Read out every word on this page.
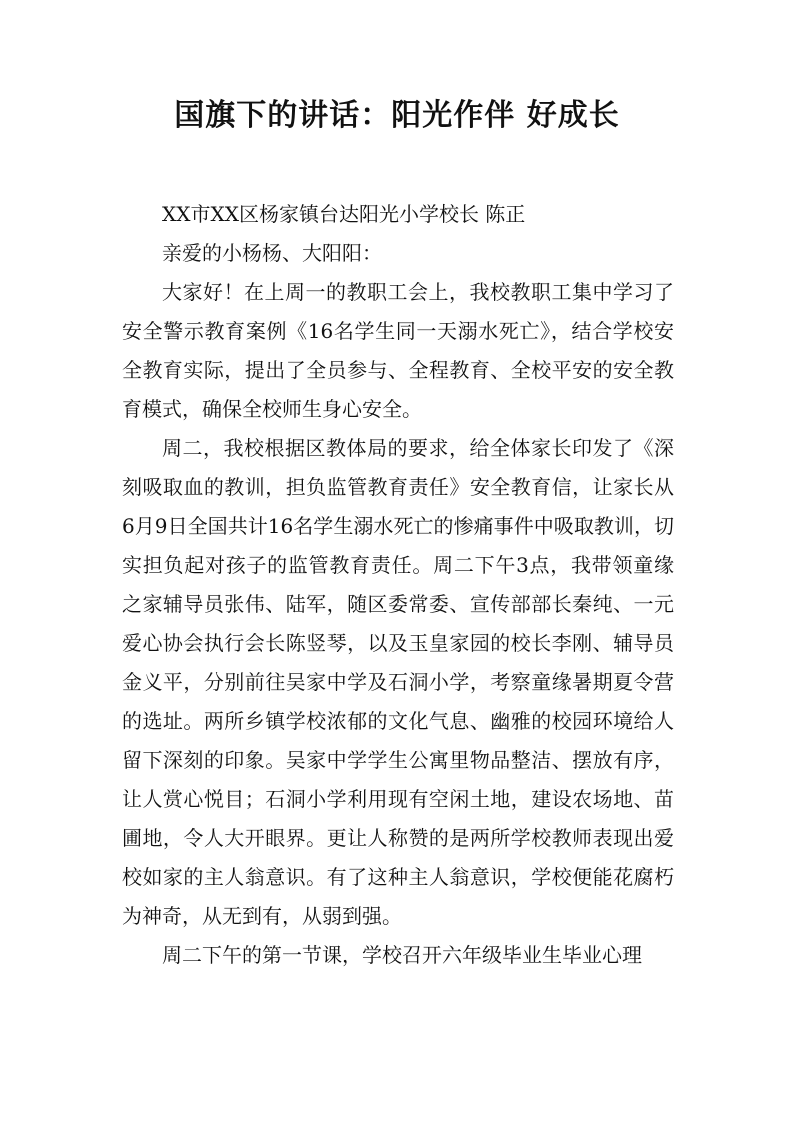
国旗下的讲话：阳光作伴 好成长

XX市XX区杨家镇台达阳光小学校长 陈正

亲爱的小杨杨、大阳阳：

大家好！在上周一的教职工会上，我校教职工集中学习了安全警示教育案例《16名学生同一天溺水死亡》，结合学校安全教育实际，提出了全员参与、全程教育、全校平安的安全教育模式，确保全校师生身心安全。

周二，我校根据区教体局的要求，给全体家长印发了《深刻吸取血的教训，担负监管教育责任》安全教育信，让家长从6月9日全国共计16名学生溺水死亡的惨痛事件中吸取教训，切实担负起对孩子的监管教育责任。周二下午3点，我带领童缘之家辅导员张伟、陆军，随区委常委、宣传部部长秦纯、一元爱心协会执行会长陈竖琴，以及玉皇家园的校长李刚、辅导员金义平，分别前往吴家中学及石洞小学，考察童缘暑期夏令营的选址。两所乡镇学校浓郁的文化气息、幽雅的校园环境给人留下深刻的印象。吴家中学学生公寓里物品整洁、摆放有序，让人赏心悦目；石洞小学利用现有空闲土地，建设农场地、苗圃地，令人大开眼界。更让人称赞的是两所学校教师表现出爱校如家的主人翁意识。有了这种主人翁意识，学校便能花腐朽为神奇，从无到有，从弱到强。

周二下午的第一节课，学校召开六年级毕业生毕业心理
